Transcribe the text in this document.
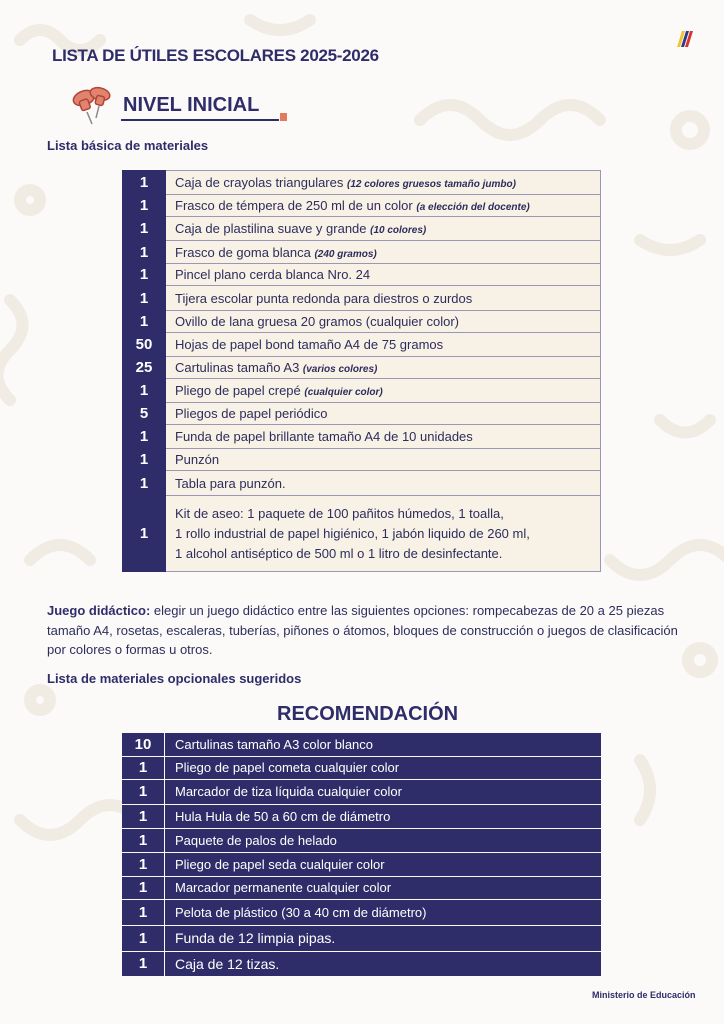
LISTA DE ÚTILES ESCOLARES 2025-2026
NIVEL INICIAL
Lista básica de materiales
1	Caja de crayolas triangulares (12 colores gruesos tamaño jumbo)
1	Frasco de témpera de 250 ml de un color (a elección del docente)
1	Caja de plastilina suave y grande (10 colores)
1	Frasco de goma blanca (240 gramos)
1	Pincel plano cerda blanca Nro. 24
1	Tijera escolar punta redonda para diestros o zurdos
1	Ovillo de lana gruesa 20 gramos (cualquier color)
50	Hojas de papel bond tamaño A4 de 75 gramos
25	Cartulinas tamaño A3 (varios colores)
1	Pliego de papel crepé (cualquier color)
5	Pliegos de papel periódico
1	Funda de papel brillante tamaño A4 de 10 unidades
1	Punzón
1	Tabla para punzón.
1	Kit de aseo: 1 paquete de 100 pañitos húmedos, 1 toalla,
1 rollo industrial de papel higiénico, 1 jabón liquido de 260 ml,
1 alcohol antiséptico de 500 ml o 1 litro de desinfectante.
Juego didáctico: elegir un juego didáctico entre las siguientes opciones: rompecabezas de 20 a 25 piezas tamaño A4, rosetas, escaleras, tuberías, piñones o átomos, bloques de construcción o juegos de clasificación por colores o formas u otros.
Lista de materiales opcionales sugeridos
RECOMENDACIÓN
10	Cartulinas tamaño A3 color blanco
1	Pliego de papel cometa cualquier color
1	Marcador de tiza líquida cualquier color
1	Hula Hula de 50 a 60 cm de diámetro
1	Paquete de palos de helado
1	Pliego de papel seda cualquier color
1	Marcador permanente cualquier color
1	Pelota de plástico (30 a 40 cm de diámetro)
1	Funda de 12 limpia pipas.
1	Caja de 12 tizas.
Ministerio de Educación
